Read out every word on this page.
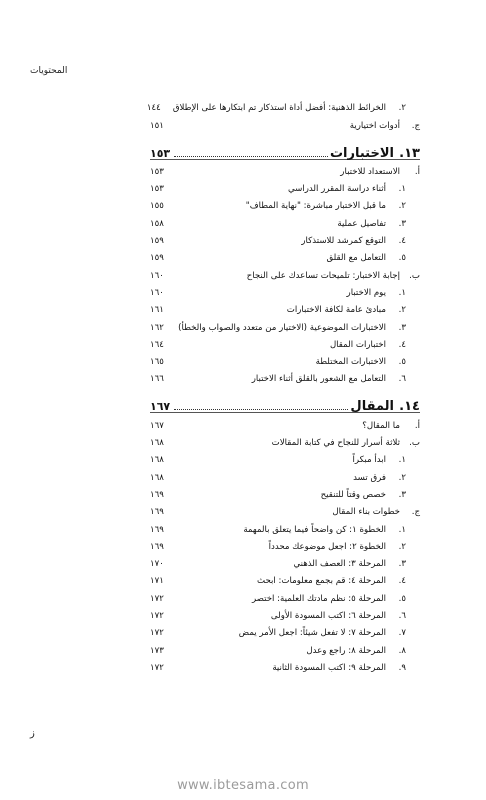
المحتويات
٢.
الخرائط الذهنية: أفضل أداة استذكار تم ابتكارها على الإطلاق
١٤٤
ج.
أدوات اختيارية
١٥١
١٣.
الاختبارات
١٥٣
أ.
الاستعداد للاختبار
١٥٣
١.
أثناء دراسة المقرر الدراسي
١٥٣
٢.
ما قبل الاختبار مباشرة: "نهاية المطاف"
١٥٥
٣.
تفاصيل عملية
١٥٨
٤.
التوقع كمرشد للاستذكار
١٥٩
٥.
التعامل مع القلق
١٥٩
ب.
إجابة الاختبار: تلميحات تساعدك على النجاح
١٦٠
١.
يوم الاختبار
١٦٠
٢.
مبادئ عامة لكافة الاختبارات
١٦١
٣.
الاختبارات الموضوعية (الاختيار من متعدد والصواب والخطأ)
١٦٢
٤.
اختبارات المقال
١٦٤
٥.
الاختبارات المختلطة
١٦٥
٦.
التعامل مع الشعور بالقلق أثناء الاختبار
١٦٦
١٤.
المقال
١٦٧
أ.
ما المقال؟
١٦٧
ب.
ثلاثة أسرار للنجاح في كتابة المقالات
١٦٨
١.
ابدأ مبكراً
١٦٨
٢.
فرق تسد
١٦٨
٣.
خصص وقتاً للتنقيح
١٦٩
ج.
خطوات بناء المقال
١٦٩
١.
الخطوة ١: كن واضحاً فيما يتعلق بالمهمة
١٦٩
٢.
الخطوة ٢: اجعل موضوعك محدداً
١٦٩
٣.
المرحلة ٣: العصف الذهني
١٧٠
٤.
المرحلة ٤: قم بجمع معلومات: ابحث
١٧١
٥.
المرحلة ٥: نظم مادتك العلمية: اختصر
١٧٢
٦.
المرحلة ٦: اكتب المسودة الأولى
١٧٢
٧.
المرحلة ٧: لا تفعل شيئاً: اجعل الأمر يمض
١٧٢
٨.
المرحلة ٨: راجع وعدل
١٧٣
٩.
المرحلة ٩: اكتب المسودة الثانية
١٧٢
ز
www.ibtesama.com
